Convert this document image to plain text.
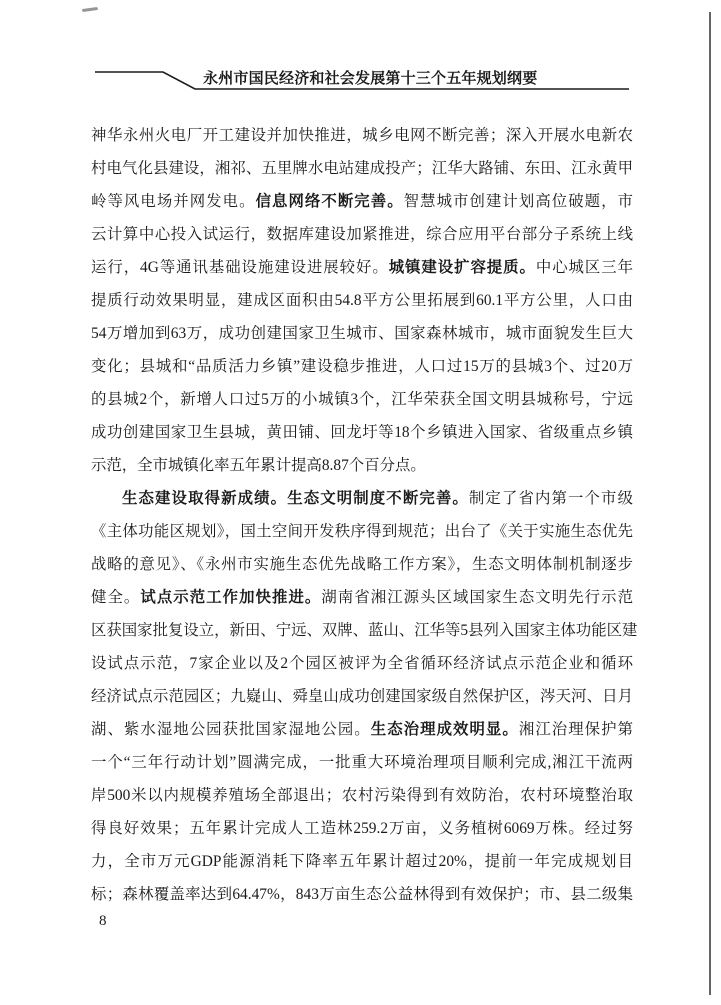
永州市国民经济和社会发展第十三个五年规划纲要
神华永州火电厂开工建设并加快推进，城乡电网不断完善；深入开展水电新农
村电气化县建设，湘祁、五里牌水电站建成投产；江华大路铺、东田、江永黄甲
岭等风电场并网发电。信息网络不断完善。智慧城市创建计划高位破题，市
云计算中心投入试运行，数据库建设加紧推进，综合应用平台部分子系统上线
运行，4G等通讯基础设施建设进展较好。城镇建设扩容提质。中心城区三年
提质行动效果明显，建成区面积由54.8平方公里拓展到60.1平方公里，人口由
54万增加到63万，成功创建国家卫生城市、国家森林城市，城市面貌发生巨大
变化；县城和“品质活力乡镇”建设稳步推进，人口过15万的县城3个、过20万
的县城2个，新增人口过5万的小城镇3个，江华荣获全国文明县城称号，宁远
成功创建国家卫生县城，黄田铺、回龙圩等18个乡镇进入国家、省级重点乡镇
示范，全市城镇化率五年累计提高8.87个百分点。
生态建设取得新成绩。生态文明制度不断完善。制定了省内第一个市级
《主体功能区规划》，国土空间开发秩序得到规范；出台了《关于实施生态优先
战略的意见》、《永州市实施生态优先战略工作方案》，生态文明体制机制逐步
健全。试点示范工作加快推进。湖南省湘江源头区域国家生态文明先行示范
区获国家批复设立，新田、宁远、双牌、蓝山、江华等5县列入国家主体功能区建
设试点示范，7家企业以及2个园区被评为全省循环经济试点示范企业和循环
经济试点示范园区；九嶷山、舜皇山成功创建国家级自然保护区，涔天河、日月
湖、紫水湿地公园获批国家湿地公园。生态治理成效明显。湘江治理保护第
一个“三年行动计划”圆满完成，一批重大环境治理项目顺利完成,湘江干流两
岸500米以内规模养殖场全部退出；农村污染得到有效防治，农村环境整治取
得良好效果；五年累计完成人工造林259.2万亩，义务植树6069万株。经过努
力，全市万元GDP能源消耗下降率五年累计超过20%，提前一年完成规划目
标；森林覆盖率达到64.47%，843万亩生态公益林得到有效保护；市、县二级集
8
